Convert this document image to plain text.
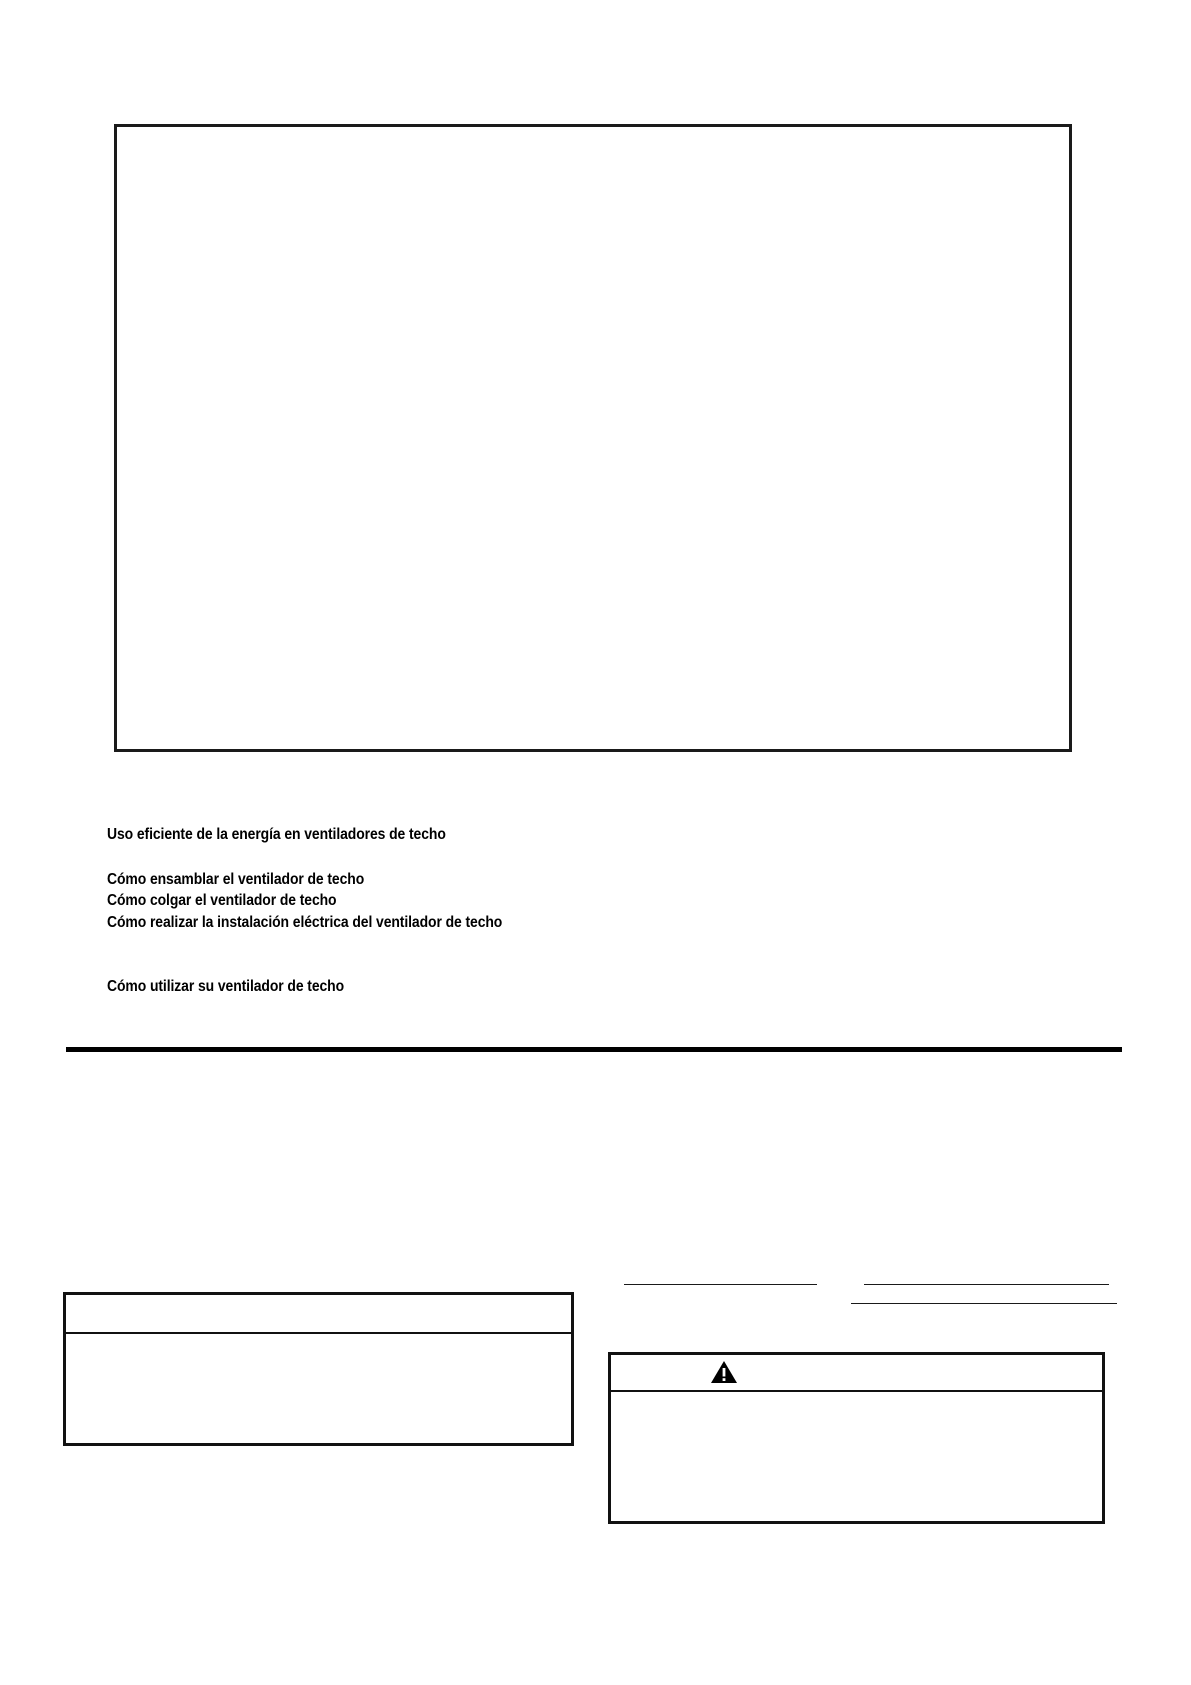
Uso eficiente de la energía en ventiladores de techo
Cómo ensamblar el ventilador de techo
Cómo colgar el ventilador de techo
Cómo realizar la instalación eléctrica del ventilador de techo
Cómo utilizar su ventilador de techo
